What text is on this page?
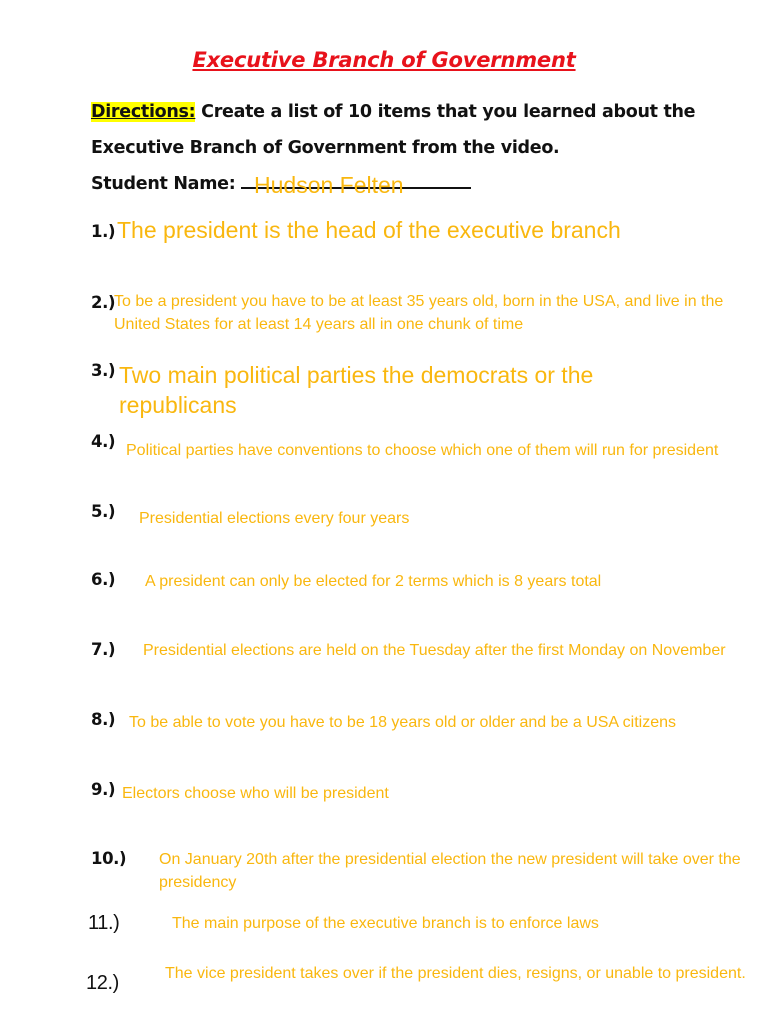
Executive Branch of Government
Directions: Create a list of 10 items that you learned about the Executive Branch of Government from the video.
Student Name: Hudson Felten
1.) The president is the head of the executive branch
2.)
To be a president you have to be at least 35 years old, born in the USA, and live in the United States for at least 14 years all in one chunk of time
3.) Two main political parties the democrats or the republicans
4.) Political parties have conventions to choose which one of them will run for president
5.) Presidential elections every four years
6.) A president can only be elected for 2 terms which is 8 years total
7.) Presidential elections are held on the Tuesday after the first Monday on November
8.) To be able to vote you have to be 18 years old or older and be a USA citizens
9.) Electors choose who will be president
10.) On January 20th after the presidential election the new president will take over the presidency
11.)	The main purpose of the executive branch is to enforce laws
12.)	The vice president takes over if the president dies, resigns, or unable to president.
